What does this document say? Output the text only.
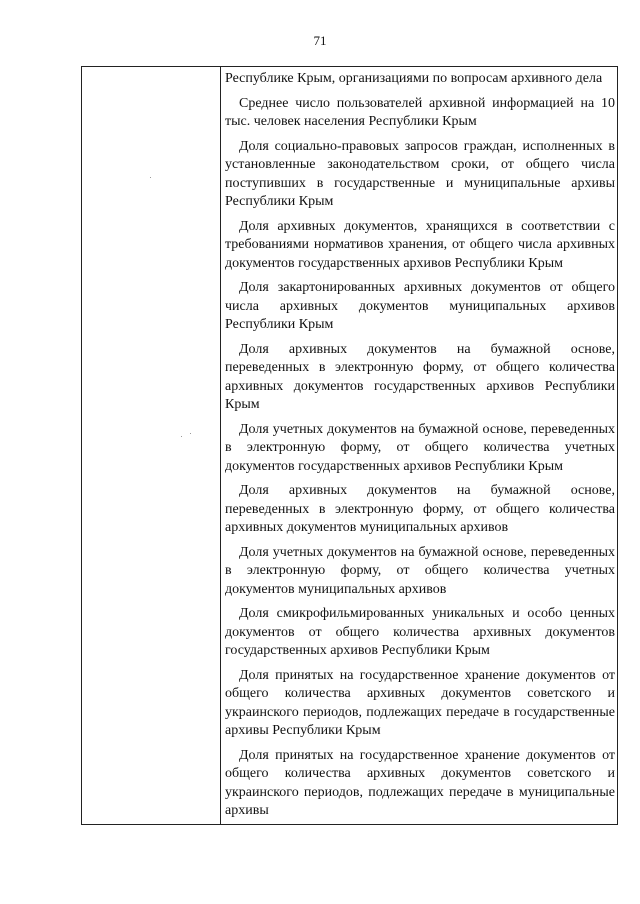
71

Республике Крым, организациями по вопросам архивного дела

Среднее число пользователей архивной информацией на 10 тыс. человек населения Республики Крым

Доля социально-правовых запросов граждан, исполненных в установленные законодательством сроки, от общего числа поступивших в государственные и муниципальные архивы Республики Крым

Доля архивных документов, хранящихся в соответствии с требованиями нормативов хранения, от общего числа архивных документов государственных архивов Республики Крым

Доля закартонированных архивных документов от общего числа архивных документов муниципальных архивов Республики Крым

Доля архивных документов на бумажной основе, переведенных в электронную форму, от общего количества архивных документов государственных архивов Республики Крым

Доля учетных документов на бумажной основе, переведенных в электронную форму, от общего количества учетных документов государственных архивов Республики Крым

Доля архивных документов на бумажной основе, переведенных в электронную форму, от общего количества архивных документов муниципальных архивов

Доля учетных документов на бумажной основе, переведенных в электронную форму, от общего количества учетных документов муниципальных архивов

Доля смикрофильмированных уникальных и особо ценных документов от общего количества архивных документов государственных архивов Республики Крым

Доля принятых на государственное хранение документов от общего количества архивных документов советского и украинского периодов, подлежащих передаче в государственные архивы Республики Крым

Доля принятых на государственное хранение документов от общего количества архивных документов советского и украинского периодов, подлежащих передаче в муниципальные архивы
